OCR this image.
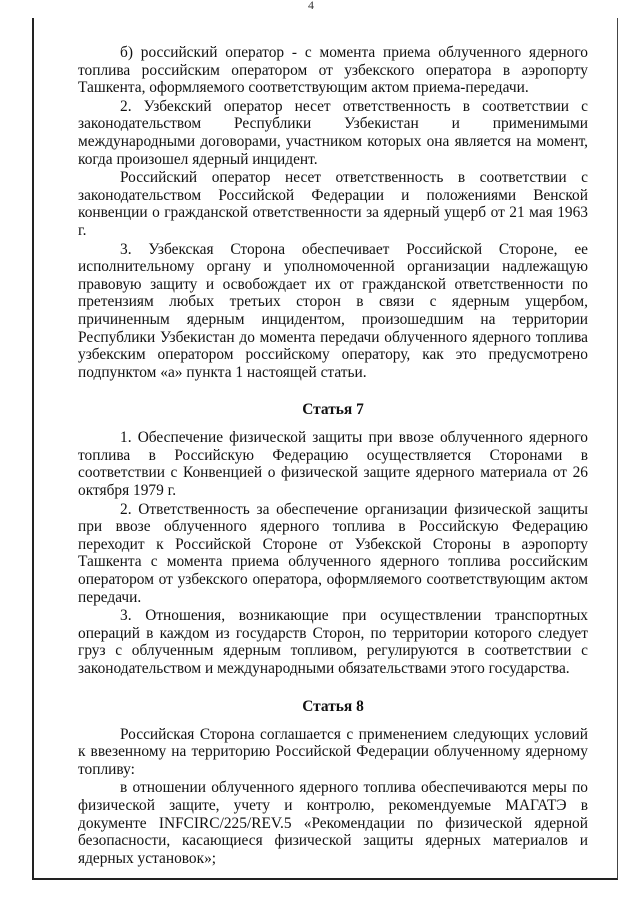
4

б) российский оператор - с момента приема облученного ядерного топлива российским оператором от узбекского оператора в аэропорту Ташкента, оформляемого соответствующим актом приема-передачи.

2. Узбекский оператор несет ответственность в соответствии с законодательством Республики Узбекистан и применимыми международными договорами, участником которых она является на момент, когда произошел ядерный инцидент.

Российский оператор несет ответственность в соответствии с законодательством Российской Федерации и положениями Венской конвенции о гражданской ответственности за ядерный ущерб от 21 мая 1963 г.

3. Узбекская Сторона обеспечивает Российской Стороне, ее исполнительному органу и уполномоченной организации надлежащую правовую защиту и освобождает их от гражданской ответственности по претензиям любых третьих сторон в связи с ядерным ущербом, причиненным ядерным инцидентом, произошедшим на территории Республики Узбекистан до момента передачи облученного ядерного топлива узбекским оператором российскому оператору, как это предусмотрено подпунктом «а» пункта 1 настоящей статьи.

Статья 7

1. Обеспечение физической защиты при ввозе облученного ядерного топлива в Российскую Федерацию осуществляется Сторонами в соответствии с Конвенцией о физической защите ядерного материала от 26 октября 1979 г.

2. Ответственность за обеспечение организации физической защиты при ввозе облученного ядерного топлива в Российскую Федерацию переходит к Российской Стороне от Узбекской Стороны в аэропорту Ташкента с момента приема облученного ядерного топлива российским оператором от узбекского оператора, оформляемого соответствующим актом передачи.

3. Отношения, возникающие при осуществлении транспортных операций в каждом из государств Сторон, по территории которого следует груз с облученным ядерным топливом, регулируются в соответствии с законодательством и международными обязательствами этого государства.

Статья 8

Российская Сторона соглашается с применением следующих условий к ввезенному на территорию Российской Федерации облученному ядерному топливу:

в отношении облученного ядерного топлива обеспечиваются меры по физической защите, учету и контролю, рекомендуемые МАГАТЭ в документе INFCIRC/225/REV.5 «Рекомендации по физической ядерной безопасности, касающиеся физической защиты ядерных материалов и ядерных установок»;
